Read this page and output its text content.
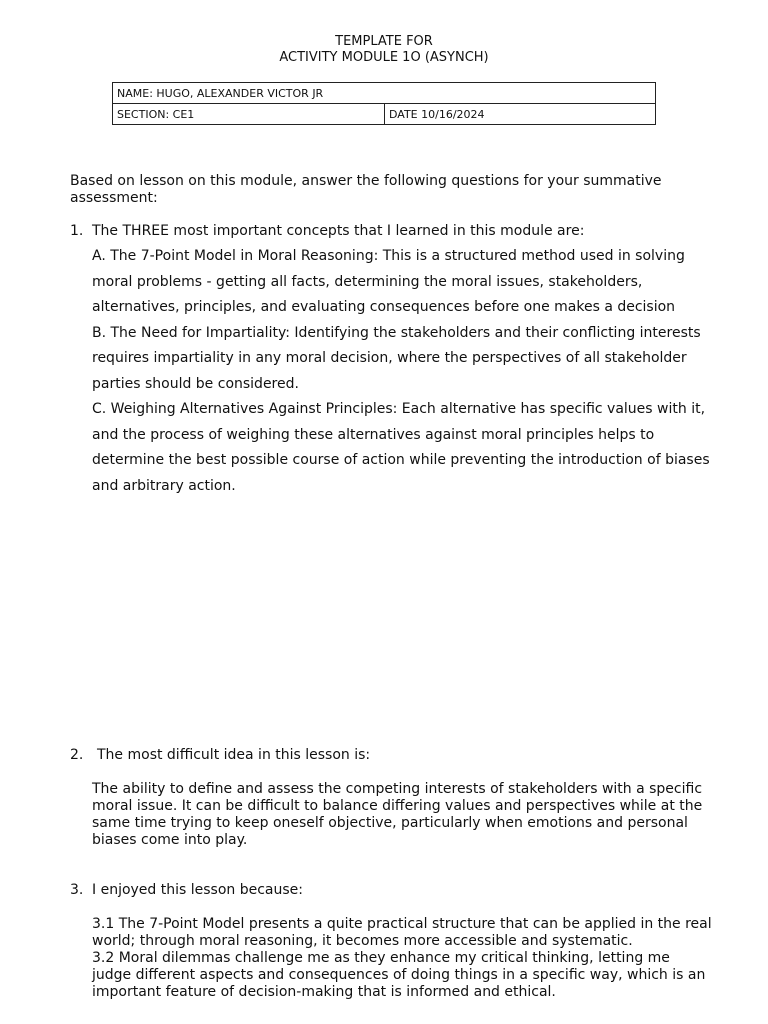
TEMPLATE FOR
ACTIVITY MODULE 1O (ASYNCH)
NAME: HUGO, ALEXANDER VICTOR JR
SECTION: CE1	DATE 10/16/2024
Based on lesson on this module, answer the following questions for your summative assessment:
1. The THREE most important concepts that I learned in this module are:

A. The 7-Point Model in Moral Reasoning: This is a structured method used in solving moral problems - getting all facts, determining the moral issues, stakeholders, alternatives, principles, and evaluating consequences before one makes a decision

B. The Need for Impartiality: Identifying the stakeholders and their conflicting interests requires impartiality in any moral decision, where the perspectives of all stakeholder parties should be considered.

C. Weighing Alternatives Against Principles: Each alternative has specific values with it, and the process of weighing these alternatives against moral principles helps to determine the best possible course of action while preventing the introduction of biases and arbitrary action.

2. The most difficult idea in this lesson is:

The ability to define and assess the competing interests of stakeholders with a specific moral issue. It can be difficult to balance differing values and perspectives while at the same time trying to keep oneself objective, particularly when emotions and personal biases come into play.

3. I enjoyed this lesson because:

3.1 The 7-Point Model presents a quite practical structure that can be applied in the real world; through moral reasoning, it becomes more accessible and systematic.

3.2 Moral dilemmas challenge me as they enhance my critical thinking, letting me judge different aspects and consequences of doing things in a specific way, which is an important feature of decision-making that is informed and ethical.
